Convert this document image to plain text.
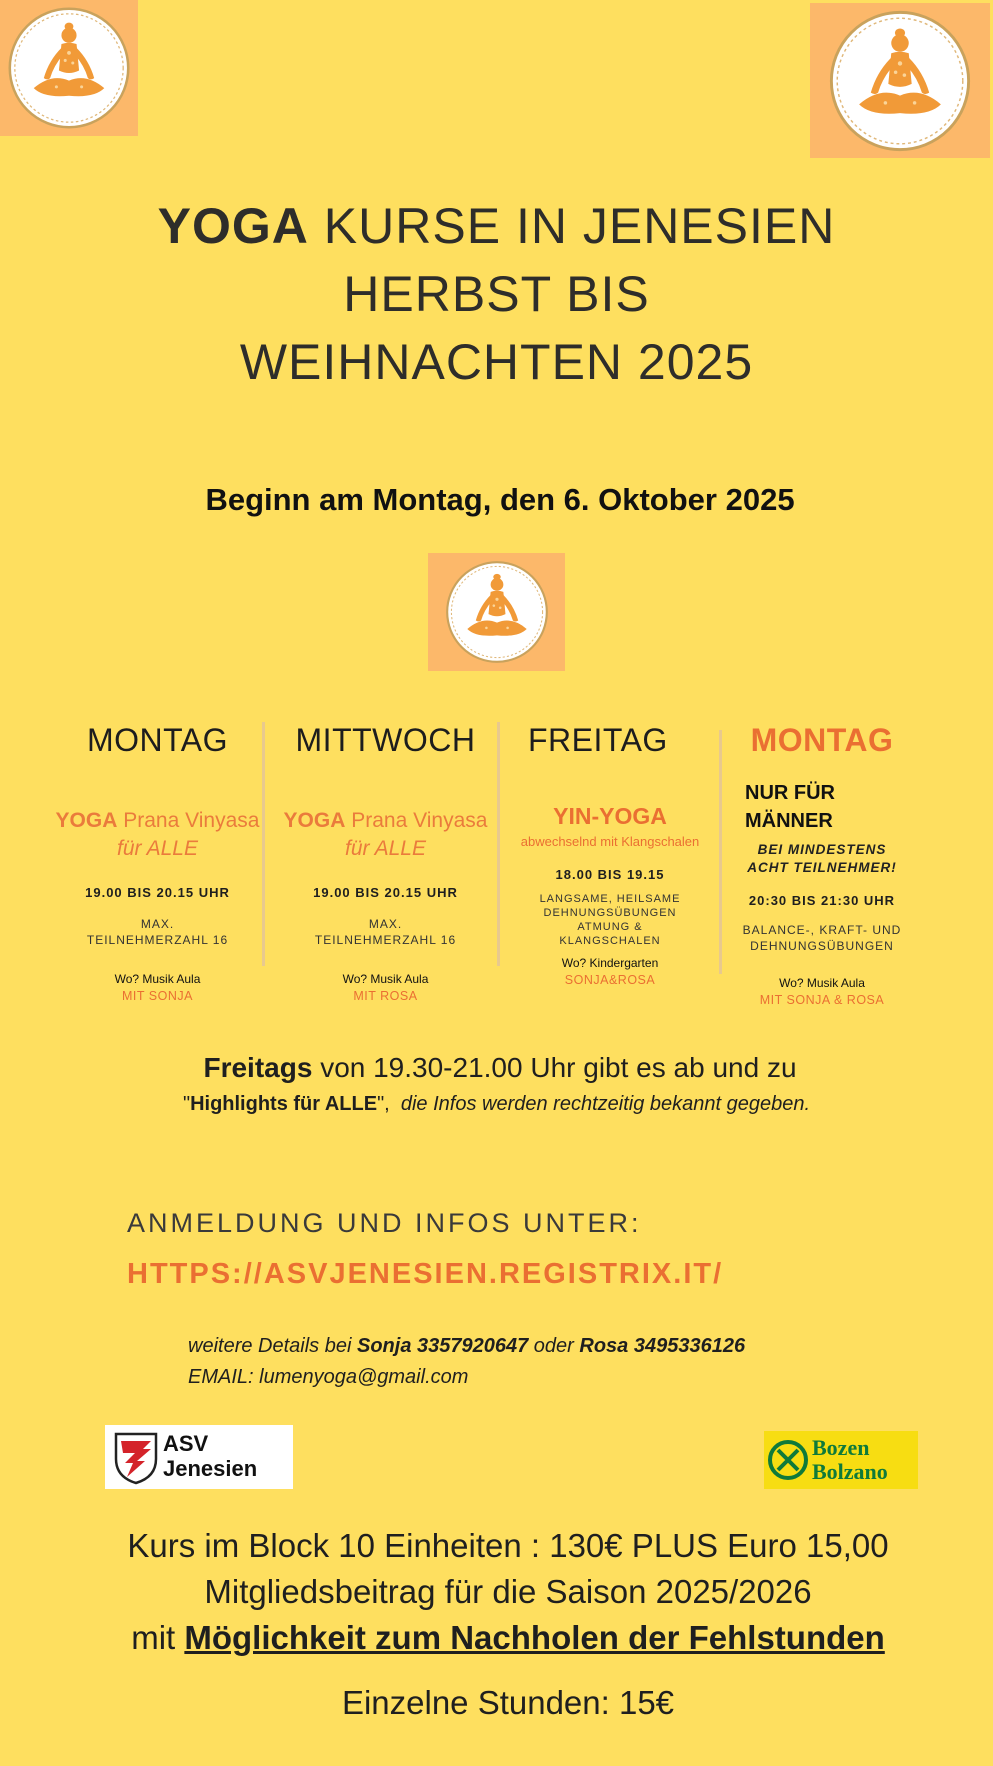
YOGA KURSE IN JENESIEN
HERBST BIS
WEIHNACHTEN 2025
Beginn am Montag, den 6. Oktober 2025
MONTAG
YOGA Prana Vinyasa
für ALLE
19.00 BIS 20.15 UHR
MAX.
TEILNEHMERZAHL 16
Wo? Musik Aula
MIT SONJA
MITTWOCH
YOGA Prana Vinyasa
für ALLE
19.00 BIS 20.15 UHR
MAX.
TEILNEHMERZAHL 16
Wo? Musik Aula
MIT ROSA
FREITAG
YIN-YOGA
abwechselnd mit Klangschalen
18.00 BIS 19.15
LANGSAME, HEILSAME
DEHNUNGSÜBUNGEN
ATMUNG &
KLANGSCHALEN
Wo? Kindergarten
SONJA&ROSA
MONTAG
NUR FÜR
MÄNNER
BEI MINDESTENS
ACHT TEILNEHMER!
20:30 BIS 21:30 UHR
BALANCE-, KRAFT- UND
DEHNUNGSÜBUNGEN
Wo? Musik Aula
MIT SONJA & ROSA
Freitags von 19.30-21.00 Uhr gibt es ab und zu
"Highlights für ALLE", die Infos werden rechtzeitig bekannt gegeben.
ANMELDUNG UND INFOS UNTER:
HTTPS://ASVJENESIEN.REGISTRIX.IT/
weitere Details bei Sonja 3357920647 oder Rosa 3495336126
EMAIL: lumenyoga@gmail.com
ASV
Jenesien
Bozen
Bolzano
Kurs im Block 10 Einheiten : 130€ PLUS Euro 15,00
Mitgliedsbeitrag für die Saison 2025/2026
mit Möglichkeit zum Nachholen der Fehlstunden
Einzelne Stunden: 15€
